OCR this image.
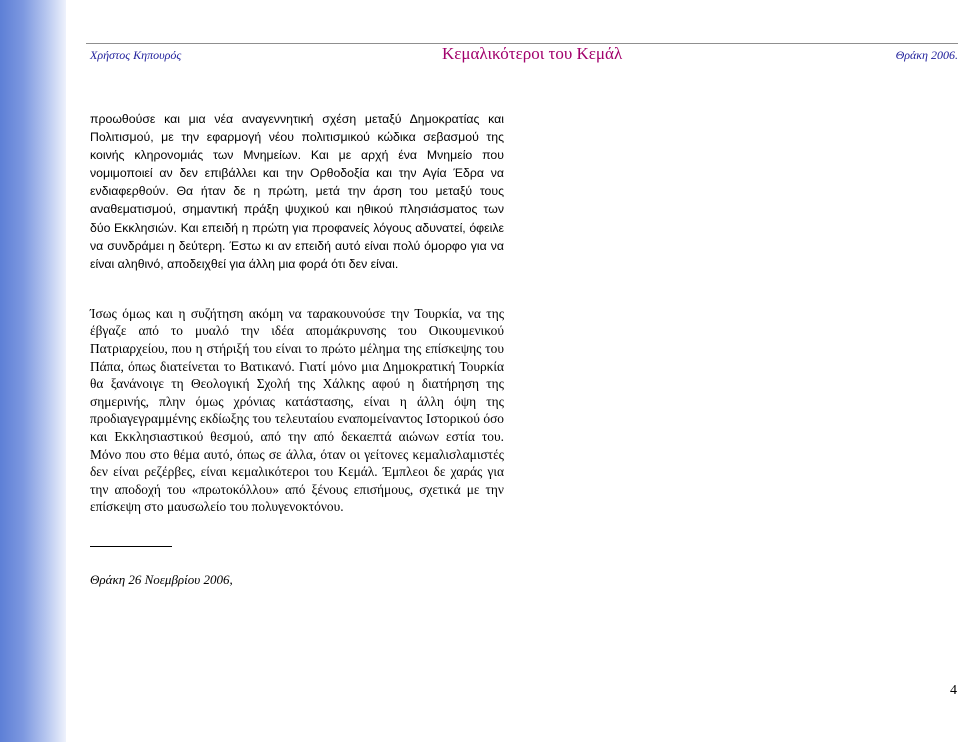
Χρήστος Κηπουρός	Κεμαλικότεροι του Κεμάλ	Θράκη 2006.

προωθούσε και μια νέα αναγεννητική σχέση μεταξύ Δημοκρατίας και Πολιτισμού, με την εφαρμογή νέου πολιτισμικού κώδικα σεβασμού της κοινής κληρονομιάς των Μνημείων. Και με αρχή ένα Μνημείο που νομιμοποιεί αν δεν επιβάλλει και την Ορθοδοξία και την Αγία Έδρα να ενδιαφερθούν. Θα ήταν δε η πρώτη, μετά την άρση του μεταξύ τους αναθεματισμού, σημαντική πράξη ψυχικού και ηθικού πλησιάσματος των δύο Εκκλησιών. Και επειδή η πρώτη για προφανείς λόγους αδυνατεί, όφειλε να συνδράμει η δεύτερη. Έστω κι αν επειδή αυτό είναι πολύ όμορφο για να είναι αληθινό, αποδειχθεί για άλλη μια φορά ότι δεν είναι.

Ίσως όμως και η συζήτηση ακόμη να ταρακουνούσε την Τουρκία, να της έβγαζε από το μυαλό την ιδέα απομάκρυνσης του Οικουμενικού Πατριαρχείου, που η στήριξή του είναι το πρώτο μέλημα της επίσκεψης του Πάπα, όπως διατείνεται το Βατικανό. Γιατί μόνο μια Δημοκρατική Τουρκία θα ξανάνοιγε τη Θεολογική Σχολή της Χάλκης αφού η διατήρηση της σημερινής, πλην όμως χρόνιας κατάστασης, είναι η άλλη όψη της προδιαγεγραμμένης εκδίωξης του τελευταίου εναπομείναντος Ιστορικού όσο και Εκκλησιαστικού θεσμού, από την από δεκαεπτά αιώνων εστία του. Μόνο που στο θέμα αυτό, όπως σε άλλα, όταν οι γείτονες κεμαλισλαμιστές δεν είναι ρεζέρβες, είναι κεμαλικότεροι του Κεμάλ. Έμπλεοι δε χαράς για την αποδοχή του «πρωτοκόλλου» από ξένους επισήμους, σχετικά με την επίσκεψη στο μαυσωλείο του πολυγενοκτόνου.

Θράκη 26 Νοεμβρίου 2006,
4
